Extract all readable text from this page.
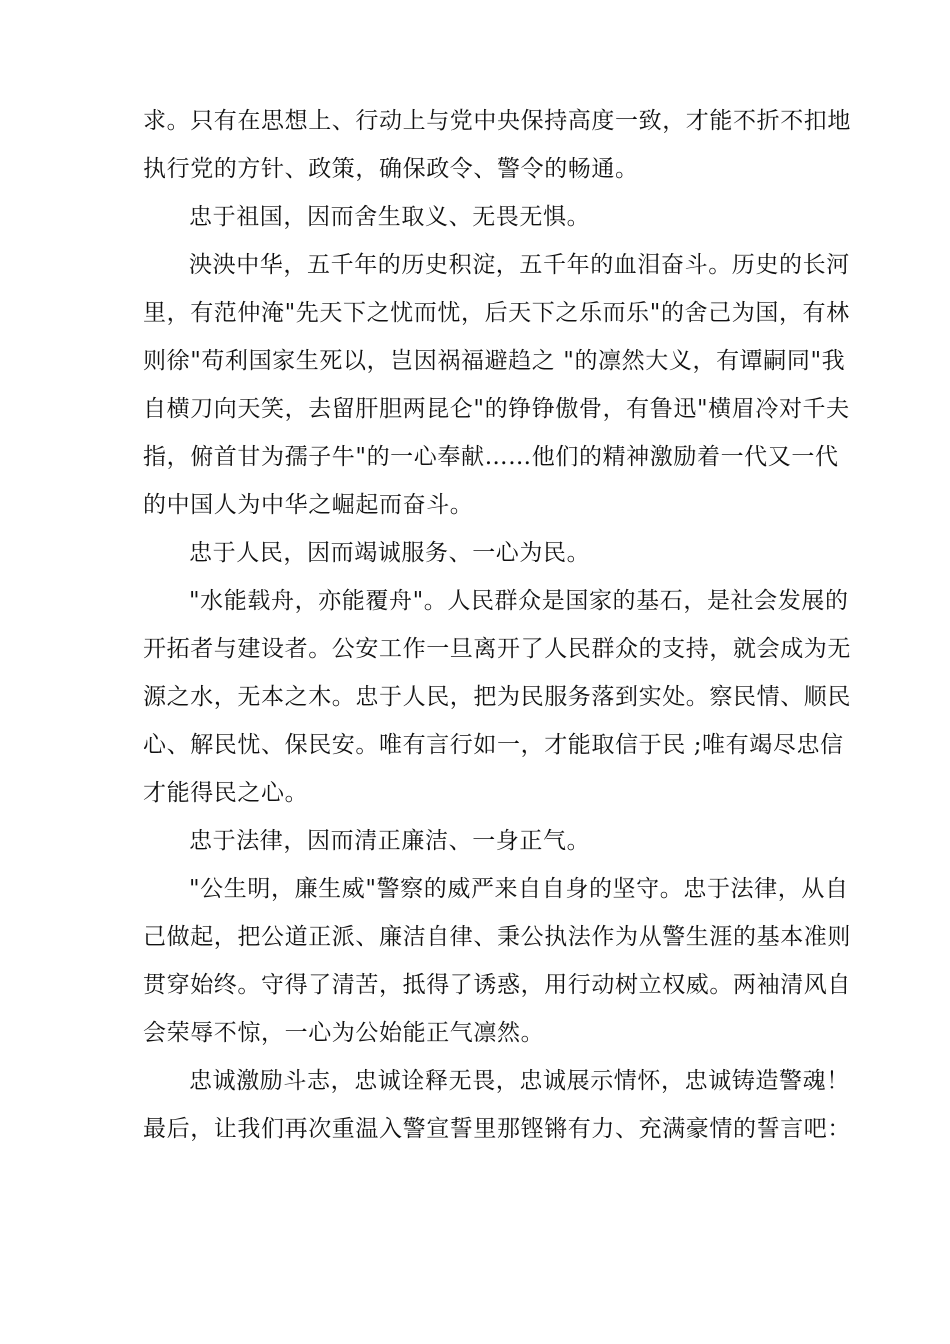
求。只有在思想上、行动上与党中央保持高度一致，才能不折不扣地
执行党的方针、政策，确保政令、警令的畅通。
忠于祖国，因而舍生取义、无畏无惧。
泱泱中华，五千年的历史积淀，五千年的血泪奋斗。历史的长河
里，有范仲淹"先天下之忧而忧，后天下之乐而乐"的舍己为国，有林
则徐"苟利国家生死以，岂因祸福避趋之 "的凛然大义，有谭嗣同"我
自横刀向天笑，去留肝胆两昆仑"的铮铮傲骨，有鲁迅"横眉冷对千夫
指，俯首甘为孺子牛"的一心奉献……他们的精神激励着一代又一代
的中国人为中华之崛起而奋斗。
忠于人民，因而竭诚服务、一心为民。
"水能载舟，亦能覆舟"。人民群众是国家的基石，是社会发展的
开拓者与建设者。公安工作一旦离开了人民群众的支持，就会成为无
源之水，无本之木。忠于人民，把为民服务落到实处。察民情、顺民
心、解民忧、保民安。唯有言行如一，才能取信于民 ;唯有竭尽忠信
才能得民之心。
忠于法律，因而清正廉洁、一身正气。
"公生明，廉生威"警察的威严来自自身的坚守。忠于法律，从自
己做起，把公道正派、廉洁自律、秉公执法作为从警生涯的基本准则
贯穿始终。守得了清苦，抵得了诱惑，用行动树立权威。两袖清风自
会荣辱不惊，一心为公始能正气凛然。
忠诚激励斗志，忠诚诠释无畏，忠诚展示情怀，忠诚铸造警魂！
最后，让我们再次重温入警宣誓里那铿锵有力、充满豪情的誓言吧：
